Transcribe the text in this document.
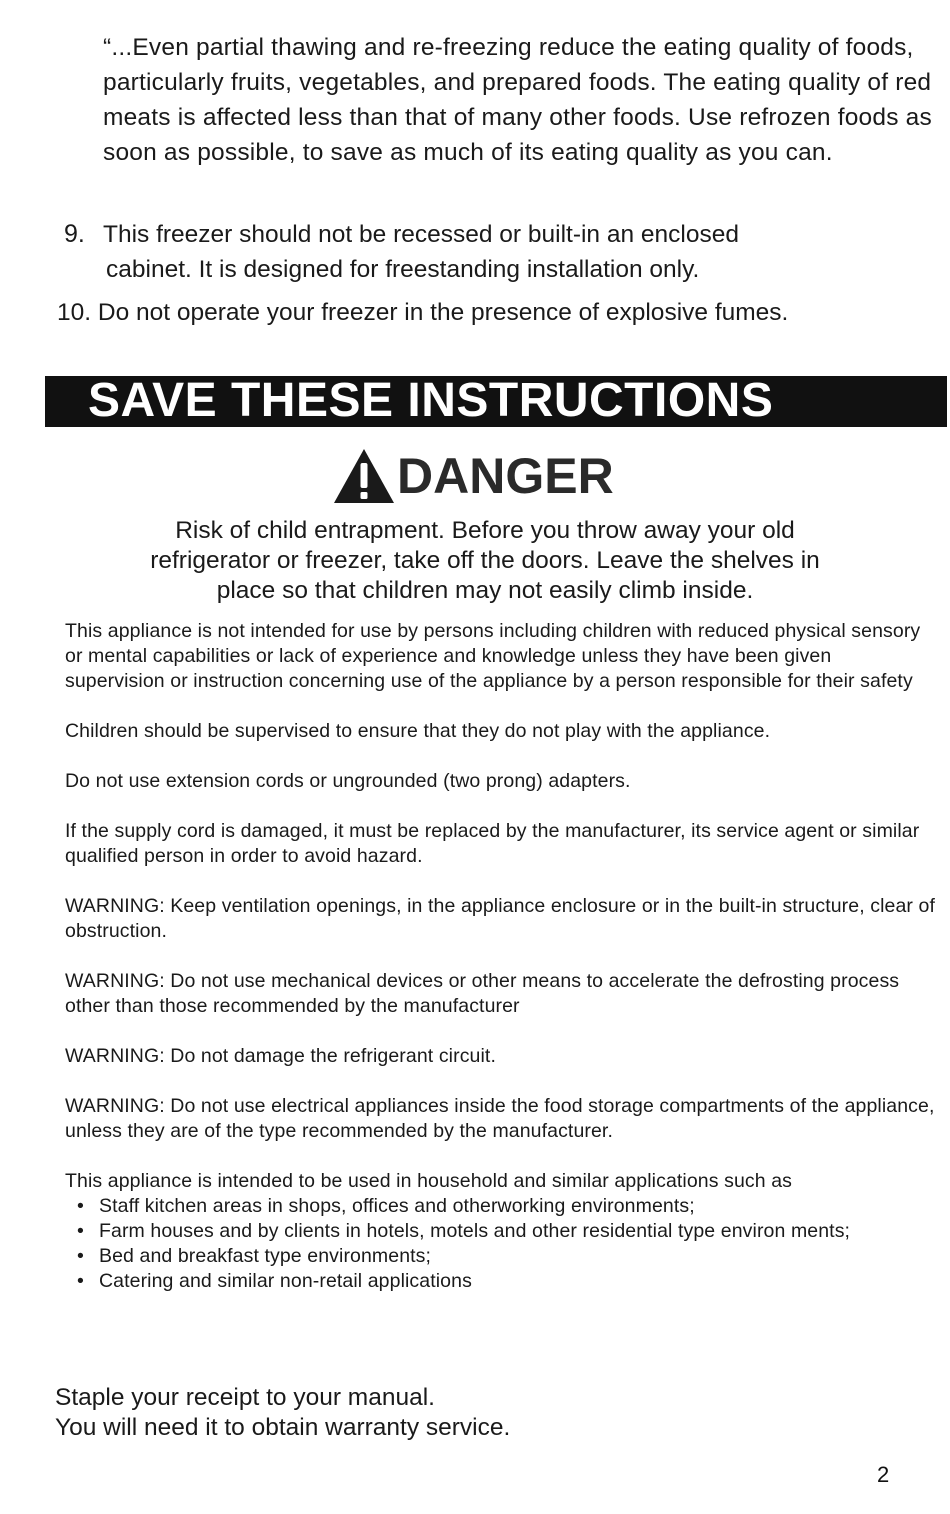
“...Even partial thawing and re-freezing reduce the eating quality of foods, particularly fruits, vegetables, and prepared foods. The eating quality of red meats is affected less than that of many other foods. Use refrozen foods as soon as possible, to save as much of its eating quality as you can.
9. This freezer should not be recessed or built-in an enclosed
cabinet. It is designed for freestanding installation only.
10. Do not operate your freezer in the presence of explosive fumes.
SAVE THESE INSTRUCTIONS
DANGER
Risk of child entrapment. Before you throw away your old
refrigerator or freezer, take off the doors. Leave the shelves in
place so that children may not easily climb inside.

This appliance is not intended for use by persons including children with reduced physical sensory or mental capabilities or lack of experience and knowledge unless they have been given supervision or instruction concerning use of the appliance by a person responsible for their safety

Children should be supervised to ensure that they do not play with the appliance.

Do not use extension cords or ungrounded (two prong) adapters.

If the supply cord is damaged, it must be replaced by the manufacturer, its service agent or similar qualified person in order to avoid hazard.

WARNING: Keep ventilation openings, in the appliance enclosure or in the built-in structure, clear of obstruction.

WARNING: Do not use mechanical devices or other means to accelerate the defrosting process other than those recommended by the manufacturer

WARNING: Do not damage the refrigerant circuit.

WARNING: Do not use electrical appliances inside the food storage compartments of the appliance, unless they are of the type recommended by the manufacturer.

This appliance is intended to be used in household and similar applications such as
• Staff kitchen areas in shops, offices and otherworking environments;
• Farm houses and by clients in hotels, motels and other residential type environ ments;
• Bed and breakfast type environments;
• Catering and similar non-retail applications
Staple your receipt to your manual.
You will need it to obtain warranty service.
2
